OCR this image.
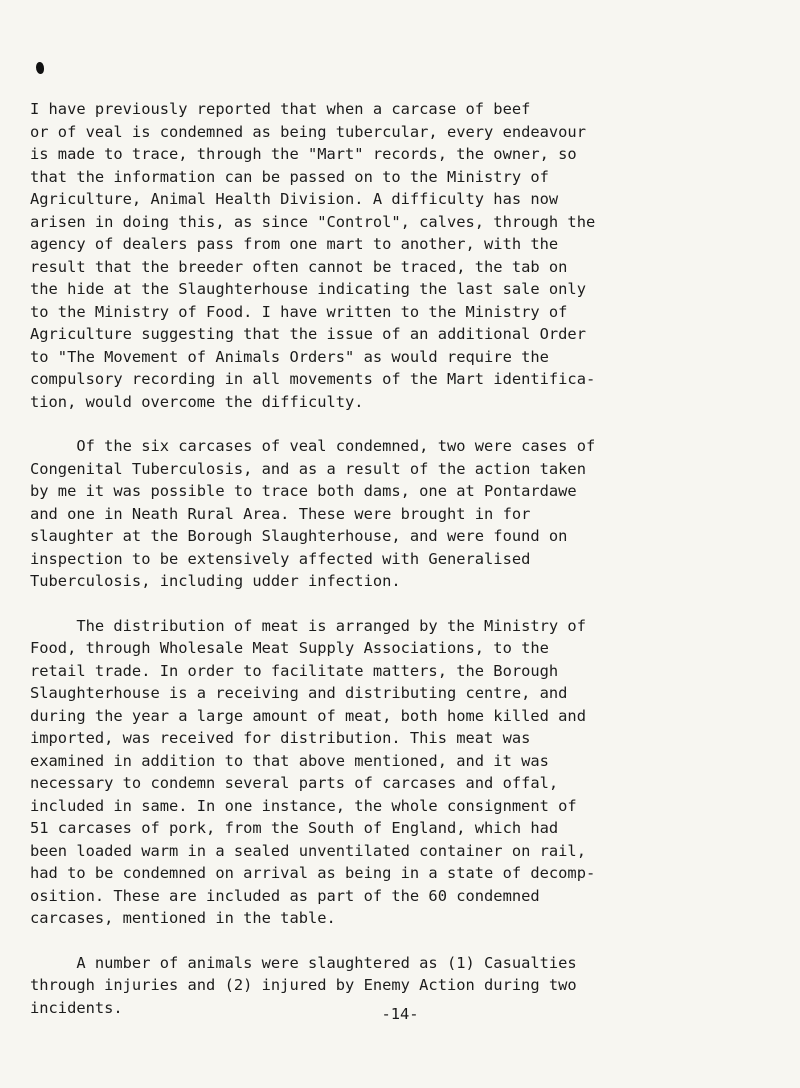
I have previously reported that when a carcase of beef
or of veal is condemned as being tubercular, every endeavour
is made to trace, through the "Mart" records, the owner, so
that the information can be passed on to the Ministry of
Agriculture, Animal Health Division. A difficulty has now
arisen in doing this, as since "Control", calves, through the
agency of dealers pass from one mart to another, with the
result that the breeder often cannot be traced, the tab on
the hide at the Slaughterhouse indicating the last sale only
to the Ministry of Food. I have written to the Ministry of
Agriculture suggesting that the issue of an additional Order
to "The Movement of Animals Orders" as would require the
compulsory recording in all movements of the Mart identifica-
tion, would overcome the difficulty.

Of the six carcases of veal condemned, two were cases of
Congenital Tuberculosis, and as a result of the action taken
by me it was possible to trace both dams, one at Pontardawe
and one in Neath Rural Area. These were brought in for
slaughter at the Borough Slaughterhouse, and were found on
inspection to be extensively affected with Generalised
Tuberculosis, including udder infection.

The distribution of meat is arranged by the Ministry of
Food, through Wholesale Meat Supply Associations, to the
retail trade. In order to facilitate matters, the Borough
Slaughterhouse is a receiving and distributing centre, and
during the year a large amount of meat, both home killed and
imported, was received for distribution. This meat was
examined in addition to that above mentioned, and it was
necessary to condemn several parts of carcases and offal,
included in same. In one instance, the whole consignment of
51 carcases of pork, from the South of England, which had
been loaded warm in a sealed unventilated container on rail,
had to be condemned on arrival as being in a state of decomp-
osition. These are included as part of the 60 condemned
carcases, mentioned in the table.

A number of animals were slaughtered as (1) Casualties
through injuries and (2) injured by Enemy Action during two
incidents.	-14-
